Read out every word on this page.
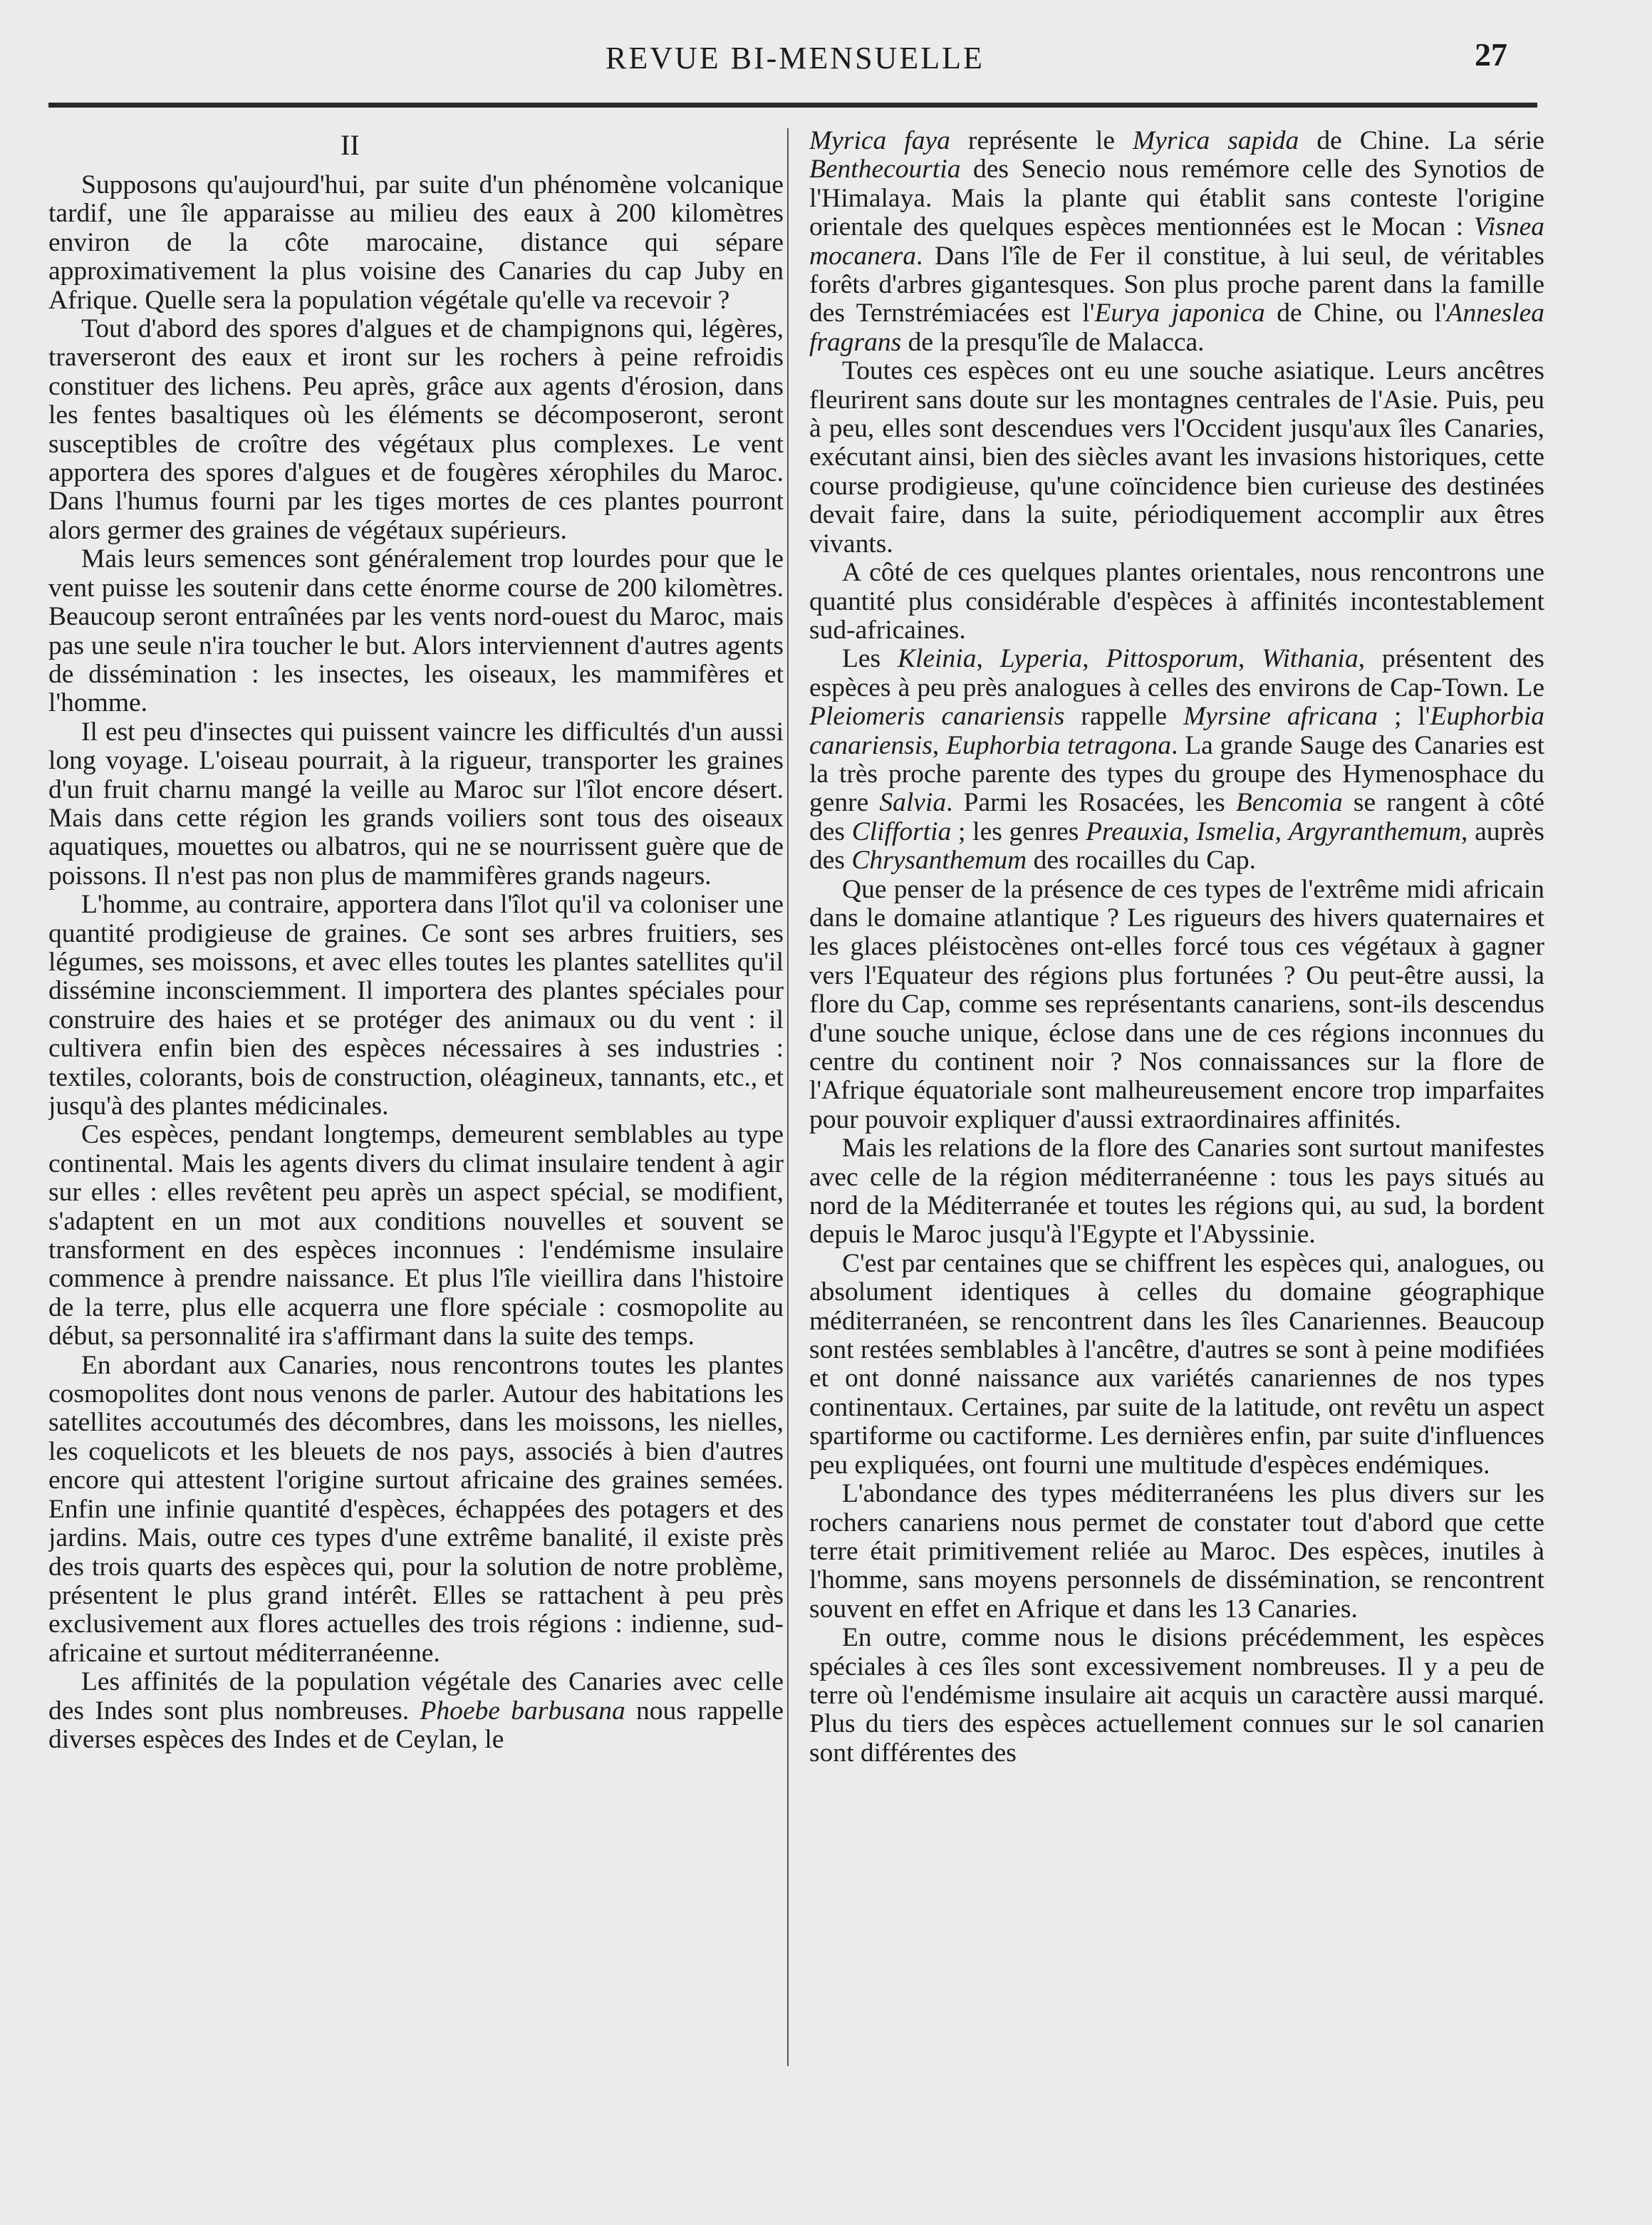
REVUE BI-MENSUELLE	27
II

Supposons qu'aujourd'hui, par suite d'un phénomène volcanique tardif, une île apparaisse au milieu des eaux à 200 kilomètres environ de la côte marocaine, distance qui sépare approximativement la plus voisine des Canaries du cap Juby en Afrique. Quelle sera la population végétale qu'elle va recevoir ?

Tout d'abord des spores d'algues et de champignons qui, légères, traverseront des eaux et iront sur les rochers à peine refroidis constituer des lichens. Peu après, grâce aux agents d'érosion, dans les fentes basaltiques où les éléments se décomposeront, seront susceptibles de croître des végétaux plus complexes. Le vent apportera des spores d'algues et de fougères xérophiles du Maroc. Dans l'humus fourni par les tiges mortes de ces plantes pourront alors germer des graines de végétaux supérieurs.

Mais leurs semences sont généralement trop lourdes pour que le vent puisse les soutenir dans cette énorme course de 200 kilomètres. Beaucoup seront entraînées par les vents nord-ouest du Maroc, mais pas une seule n'ira toucher le but. Alors interviennent d'autres agents de dissémination : les insectes, les oiseaux, les mammifères et l'homme.

Il est peu d'insectes qui puissent vaincre les difficultés d'un aussi long voyage. L'oiseau pourrait, à la rigueur, transporter les graines d'un fruit charnu mangé la veille au Maroc sur l'îlot encore désert. Mais dans cette région les grands voiliers sont tous des oiseaux aquatiques, mouettes ou albatros, qui ne se nourrissent guère que de poissons. Il n'est pas non plus de mammifères grands nageurs.

L'homme, au contraire, apportera dans l'îlot qu'il va coloniser une quantité prodigieuse de graines. Ce sont ses arbres fruitiers, ses légumes, ses moissons, et avec elles toutes les plantes satellites qu'il dissémine inconsciemment. Il importera des plantes spéciales pour construire des haies et se protéger des animaux ou du vent : il cultivera enfin bien des espèces nécessaires à ses industries : textiles, colorants, bois de construction, oléagineux, tannants, etc., et jusqu'à des plantes médicinales.

Ces espèces, pendant longtemps, demeurent semblables au type continental. Mais les agents divers du climat insulaire tendent à agir sur elles : elles revêtent peu après un aspect spécial, se modifient, s'adaptent en un mot aux conditions nouvelles et souvent se transforment en des espèces inconnues : l'endémisme insulaire commence à prendre naissance. Et plus l'île vieillira dans l'histoire de la terre, plus elle acquerra une flore spéciale : cosmopolite au début, sa personnalité ira s'affirmant dans la suite des temps.

En abordant aux Canaries, nous rencontrons toutes les plantes cosmopolites dont nous venons de parler. Autour des habitations les satellites accoutumés des décombres, dans les moissons, les nielles, les coquelicots et les bleuets de nos pays, associés à bien d'autres encore qui attestent l'origine surtout africaine des graines semées. Enfin une infinie quantité d'espèces, échappées des potagers et des jardins. Mais, outre ces types d'une extrême banalité, il existe près des trois quarts des espèces qui, pour la solution de notre problème, présentent le plus grand intérêt. Elles se rattachent à peu près exclusivement aux flores actuelles des trois régions : indienne, sud-africaine et surtout méditerranéenne.

Les affinités de la population végétale des Canaries avec celle des Indes sont plus nombreuses. Phoebe barbusana nous rappelle diverses espèces des Indes et de Ceylan, le

Myrica faya représente le Myrica sapida de Chine. La série Benthecourtia des Senecio nous remémore celle des Synotios de l'Himalaya. Mais la plante qui établit sans conteste l'origine orientale des quelques espèces mentionnées est le Mocan : Visnea mocanera. Dans l'île de Fer il constitue, à lui seul, de véritables forêts d'arbres gigantesques. Son plus proche parent dans la famille des Ternstrémiacées est l'Eurya japonica de Chine, ou l'Anneslea fragrans de la presqu'île de Malacca.

Toutes ces espèces ont eu une souche asiatique. Leurs ancêtres fleurirent sans doute sur les montagnes centrales de l'Asie. Puis, peu à peu, elles sont descendues vers l'Occident jusqu'aux îles Canaries, exécutant ainsi, bien des siècles avant les invasions historiques, cette course prodigieuse, qu'une coïncidence bien curieuse des destinées devait faire, dans la suite, périodiquement accomplir aux êtres vivants.

A côté de ces quelques plantes orientales, nous rencontrons une quantité plus considérable d'espèces à affinités incontestablement sud-africaines.

Les Kleinia, Lyperia, Pittosporum, Withania, présentent des espèces à peu près analogues à celles des environs de Cap-Town. Le Pleiomeris canariensis rappelle Myrsine africana ; l'Euphorbia canariensis, Euphorbia tetragona. La grande Sauge des Canaries est la très proche parente des types du groupe des Hymenosphace du genre Salvia. Parmi les Rosacées, les Bencomia se rangent à côté des Cliffortia ; les genres Preauxia, Ismelia, Argyranthemum, auprès des Chrysanthemum des rocailles du Cap.

Que penser de la présence de ces types de l'extrême midi africain dans le domaine atlantique ? Les rigueurs des hivers quaternaires et les glaces pléistocènes ont-elles forcé tous ces végétaux à gagner vers l'Equateur des régions plus fortunées ? Ou peut-être aussi, la flore du Cap, comme ses représentants canariens, sont-ils descendus d'une souche unique, éclose dans une de ces régions inconnues du centre du continent noir ? Nos connaissances sur la flore de l'Afrique équatoriale sont malheureusement encore trop imparfaites pour pouvoir expliquer d'aussi extraordinaires affinités.

Mais les relations de la flore des Canaries sont surtout manifestes avec celle de la région méditerranéenne : tous les pays situés au nord de la Méditerranée et toutes les régions qui, au sud, la bordent depuis le Maroc jusqu'à l'Egypte et l'Abyssinie.

C'est par centaines que se chiffrent les espèces qui, analogues, ou absolument identiques à celles du domaine géographique méditerranéen, se rencontrent dans les îles Canariennes. Beaucoup sont restées semblables à l'ancêtre, d'autres se sont à peine modifiées et ont donné naissance aux variétés canariennes de nos types continentaux. Certaines, par suite de la latitude, ont revêtu un aspect spartiforme ou cactiforme. Les dernières enfin, par suite d'influences peu expliquées, ont fourni une multitude d'espèces endémiques.

L'abondance des types méditerranéens les plus divers sur les rochers canariens nous permet de constater tout d'abord que cette terre était primitivement reliée au Maroc. Des espèces, inutiles à l'homme, sans moyens personnels de dissémination, se rencontrent souvent en effet en Afrique et dans les 13 Canaries.

En outre, comme nous le disions précédemment, les espèces spéciales à ces îles sont excessivement nombreuses. Il y a peu de terre où l'endémisme insulaire ait acquis un caractère aussi marqué. Plus du tiers des espèces actuellement connues sur le sol canarien sont différentes des
